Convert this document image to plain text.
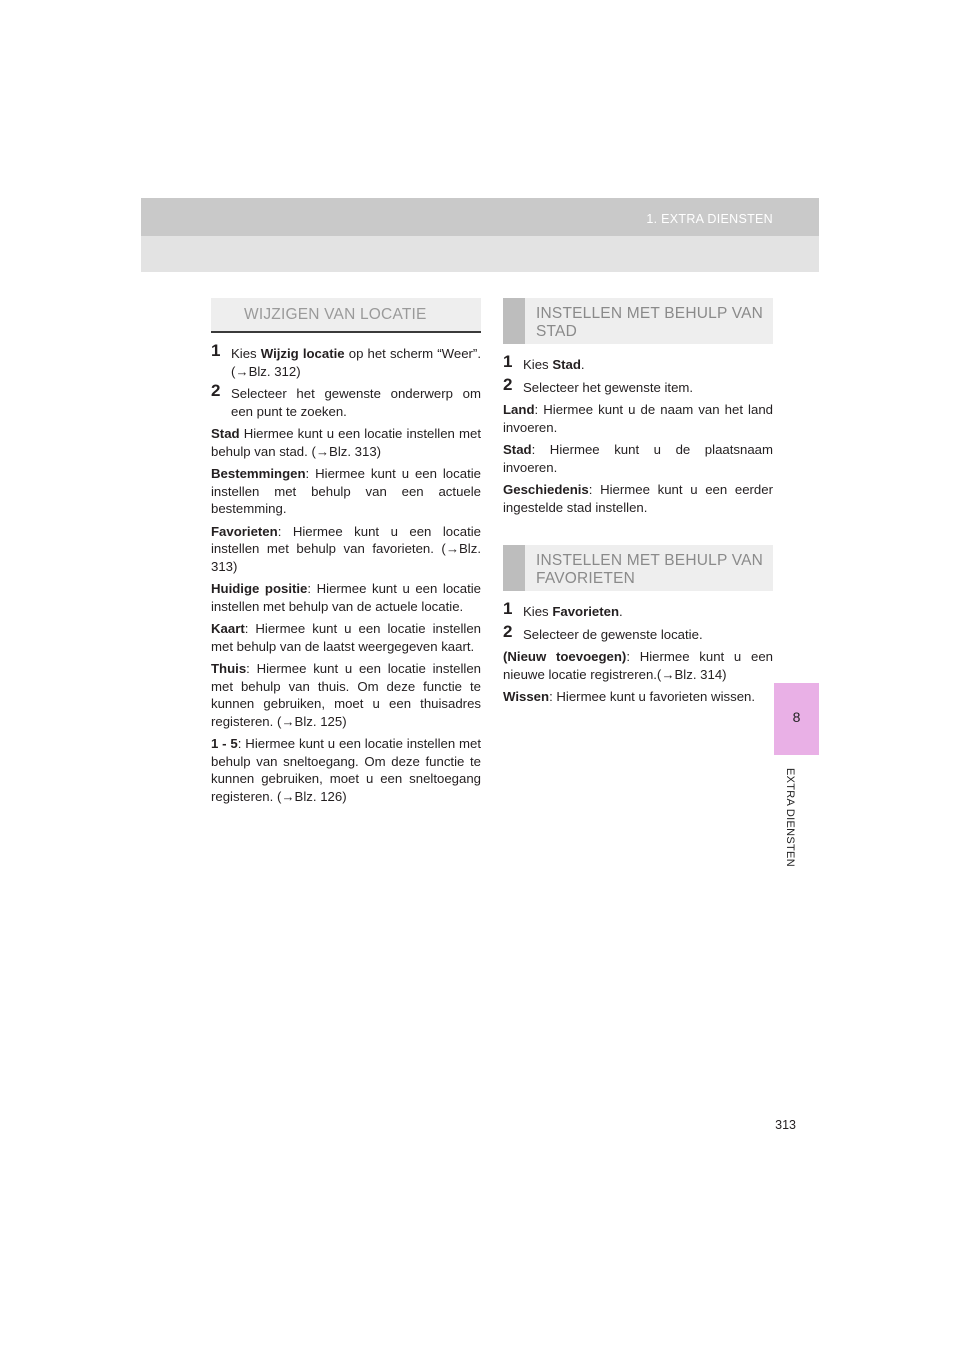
1. EXTRA DIENSTEN
8
EXTRA DIENSTEN
WIJZIGEN VAN LOCATIE
1 Kies Wijzig locatie op het scherm “Weer”. (→Blz. 312)
2 Selecteer het gewenste onderwerp om een punt te zoeken.

Stad Hiermee kunt u een locatie instellen met behulp van stad. (→Blz. 313)

Bestemmingen: Hiermee kunt u een locatie instellen met behulp van een actuele bestemming.

Favorieten: Hiermee kunt u een locatie instellen met behulp van favorieten. (→Blz. 313)

Huidige positie: Hiermee kunt u een locatie instellen met behulp van de actuele locatie.

Kaart: Hiermee kunt u een locatie instellen met behulp van de laatst weergegeven kaart.

Thuis: Hiermee kunt u een locatie instellen met behulp van thuis. Om deze functie te kunnen gebruiken, moet u een thuisadres registeren. (→Blz. 125)

1 - 5: Hiermee kunt u een locatie instellen met behulp van sneltoegang. Om deze functie te kunnen gebruiken, moet u een sneltoegang registeren. (→Blz. 126)

INSTELLEN MET BEHULP VAN STAD
1 Kies Stad.
2 Selecteer het gewenste item.

Land: Hiermee kunt u de naam van het land invoeren.

Stad: Hiermee kunt u de plaatsnaam invoeren.

Geschiedenis: Hiermee kunt u een eerder ingestelde stad instellen.

INSTELLEN MET BEHULP VAN FAVORIETEN
1 Kies Favorieten.
2 Selecteer de gewenste locatie.

(Nieuw toevoegen): Hiermee kunt u een nieuwe locatie registreren.(→Blz. 314)

Wissen: Hiermee kunt u favorieten wissen.

313
